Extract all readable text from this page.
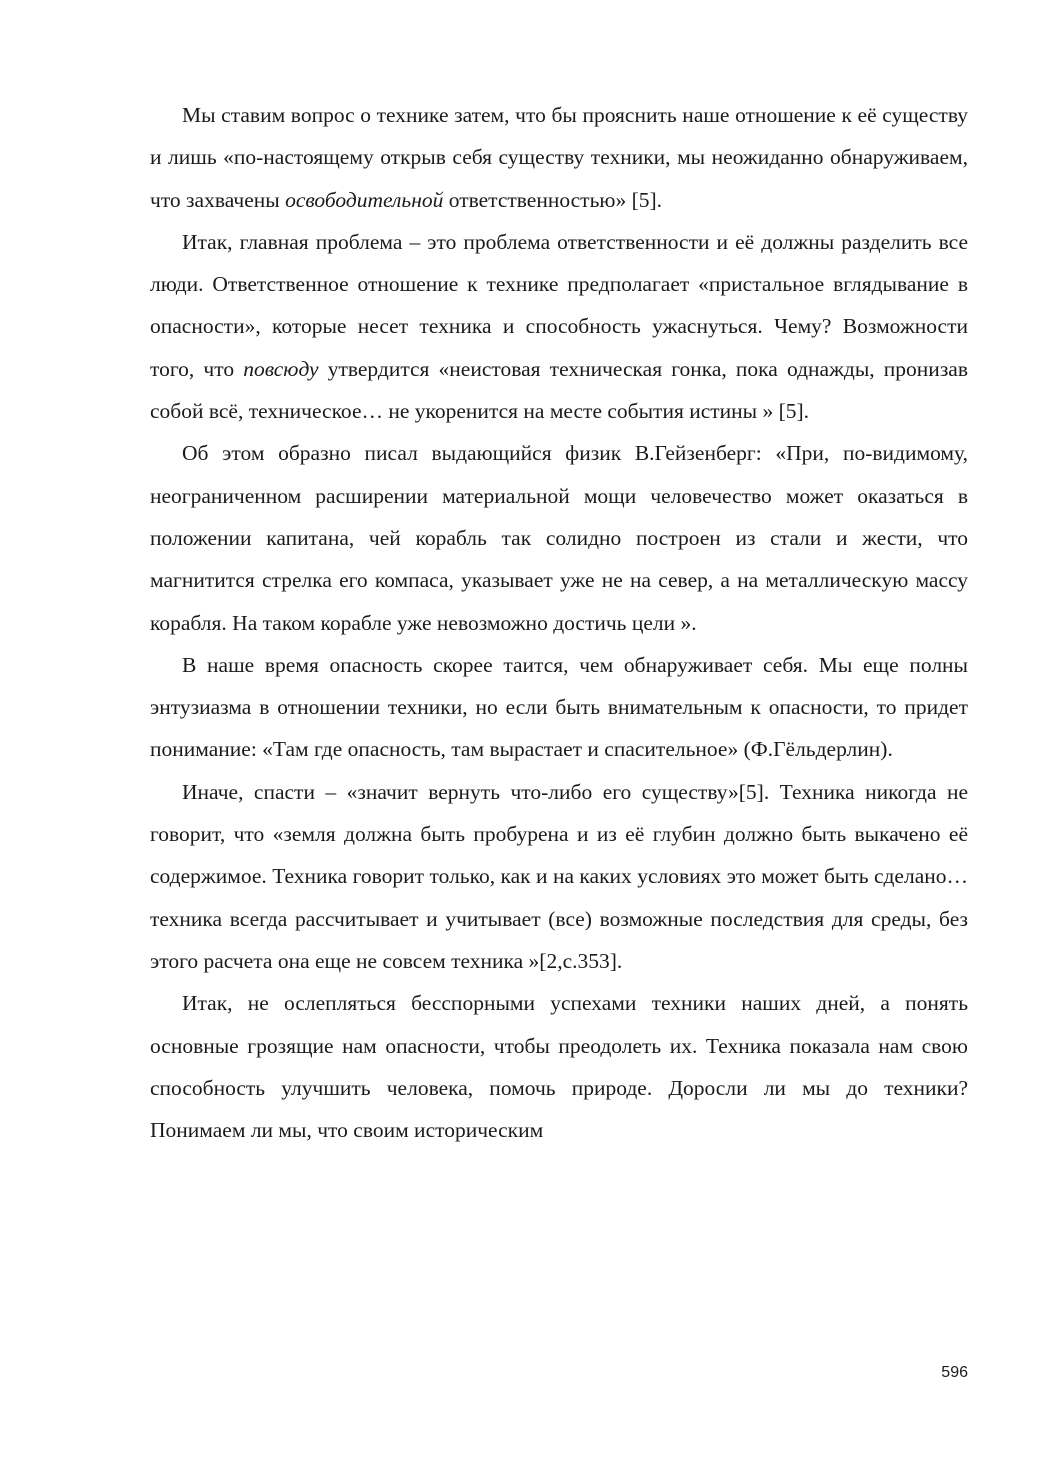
Мы ставим вопрос о технике затем, что бы прояснить наше отношение к её существу и лишь «по-настоящему открыв себя существу техники, мы неожиданно обнаруживаем, что захвачены освободительной ответственностью» [5].

Итак, главная проблема – это проблема ответственности и её должны разделить все люди. Ответственное отношение к технике предполагает «пристальное вглядывание в опасности», которые несет техника и способность ужаснуться. Чему? Возможности того, что повсюду утвердится «неистовая техническая гонка, пока однажды, пронизав собой всё, техническое… не укоренится на месте события истины » [5].

Об этом образно писал выдающийся физик В.Гейзенберг: «При, по-видимому, неограниченном расширении материальной мощи человечество может оказаться в положении капитана, чей корабль так солидно построен из стали и жести, что магнитится стрелка его компаса, указывает уже не на север, а на металлическую массу корабля. На таком корабле уже невозможно достичь цели ».

В наше время опасность скорее таится, чем обнаруживает себя. Мы еще полны энтузиазма в отношении техники, но если быть внимательным к опасности, то придет понимание: «Там где опасность, там вырастает и спасительное» (Ф.Гёльдерлин).

Иначе, спасти – «значит вернуть что-либо его существу»[5]. Техника никогда не говорит, что «земля должна быть пробурена и из её глубин должно быть выкачено её содержимое. Техника говорит только, как и на каких условиях это может быть сделано… техника всегда рассчитывает и учитывает (все) возможные последствия для среды, без этого расчета она еще не совсем техника »[2,с.353].

Итак, не ослепляться бесспорными успехами техники наших дней, а понять основные грозящие нам опасности, чтобы преодолеть их. Техника показала нам свою способность улучшить человека, помочь природе. Доросли ли мы до техники? Понимаем ли мы, что своим историческим

596
